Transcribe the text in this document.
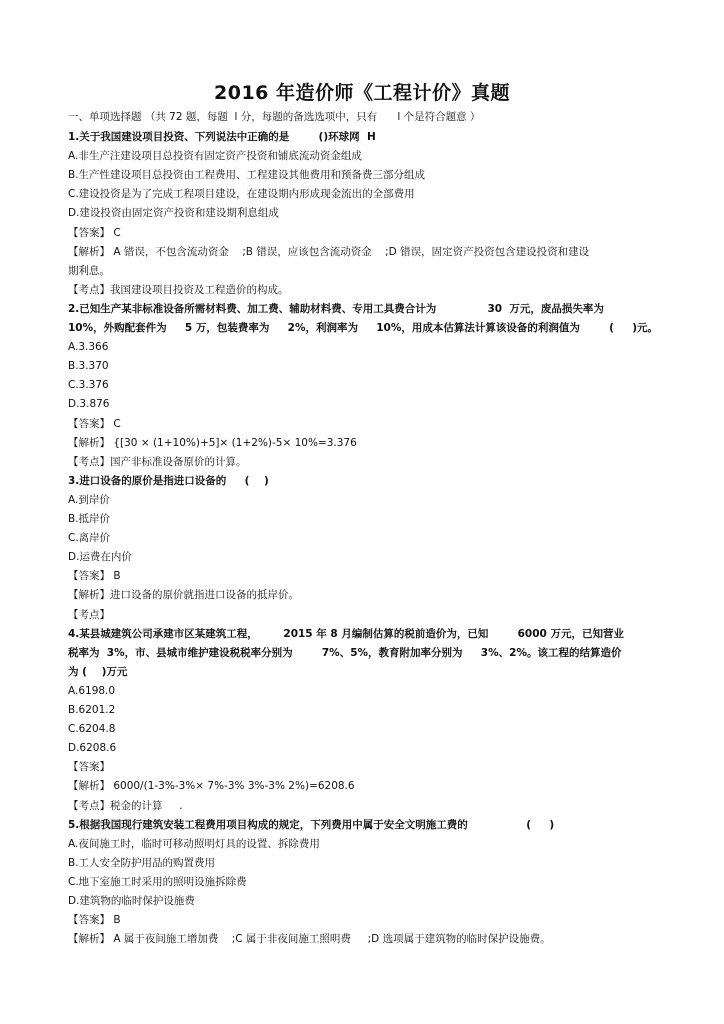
2016 年造价师《工程计价》真题
一、单项选择题 （共 72 题，每题  l 分，每题的备选选项中，只有      l 个是符合题意 ）
1.关于我国建设项目投资、下列说法中正确的是        ()环球网  H
A.非生产注建设项目总投资有固定资产投资和铺底流动资金组成
B.生产性建设项目总投资由工程费用、工程建设其他费用和预备费三部分组成
C.建设投资是为了完成工程项目建设，在建设期内形成现金流出的全部费用
D.建设投资由固定资产投资和建设期利息组成
【答案】 C
【解析】 A 错误，不包含流动资金    ;B 错误，应该包含流动资金    ;D 错误，固定资产投资包含建设投资和建设
期利息。
【考点】我国建设项目投资及工程造价的构成。
2.已知生产某非标准设备所需材料费、加工费、辅助材料费、专用工具费合计为              30  万元，废品损失率为
10%，外购配套件为     5 万，包装费率为     2%，利润率为     10%，用成本估算法计算该设备的利润值为        (     )元。
A.3.366
B.3.370
C.3.376
D.3.876
【答案】 C
【解析】 {[30 × (1+10%)+5]× (1+2%)-5× 10%=3.376
【考点】国产非标准设备原价的计算。
3.进口设备的原价是指进口设备的     (    )
A.到岸价
B.抵岸价
C.离岸价
D.运费在内价
【答案】 B
【解析】进口设备的原价就指进口设备的抵岸价。
【考点】
4.某县城建筑公司承建市区某建筑工程，       2015 年 8 月编制估算的税前造价为，已知        6000 万元，已知营业
税率为  3%，市、县城市维护建设税税率分别为        7%、5%，教育附加率分别为     3%、2%。该工程的结算造价
为 (    )万元
A.6198.0
B.6201.2
C.6204.8
D.6208.6
【答案】
【解析】 6000/(1-3%-3%× 7%-3% 3%-3% 2%)=6208.6
【考点】税金的计算     .
5.根据我国现行建筑安装工程费用项目构成的规定，下列费用中属于安全文明施工费的                (     )
A.夜间施工时，临时可移动照明灯具的设置、拆除费用
B.工人安全防护用品的购置费用
C.地下室施工时采用的照明设施拆除费
D.建筑物的临时保护设施费
【答案】 B
【解析】 A 属于夜间施工增加费    ;C 属于非夜间施工照明费     ;D 选项属于建筑物的临时保护设施费。
